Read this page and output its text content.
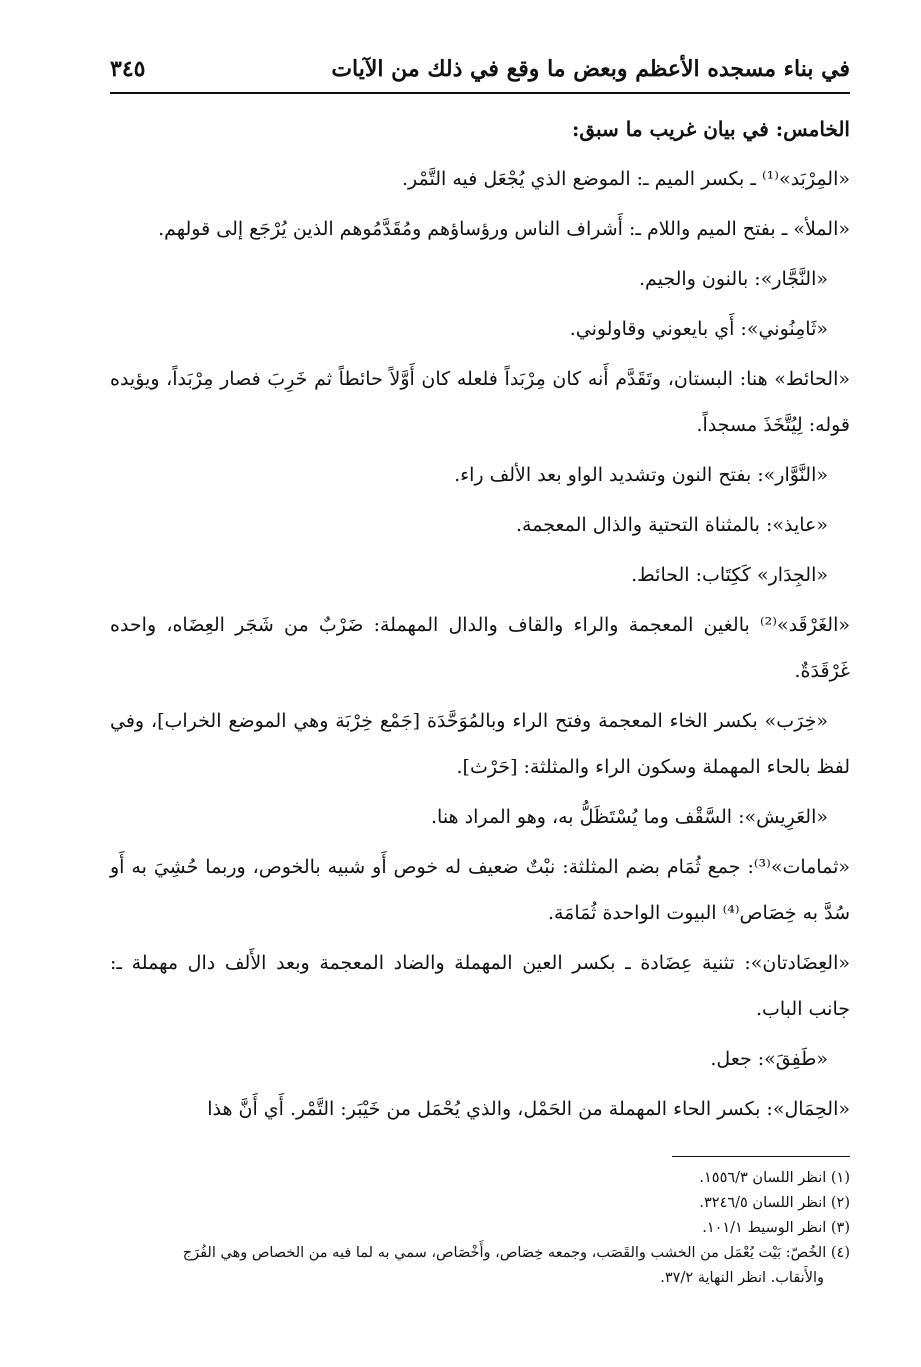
في بناء مسجده الأعظم وبعض ما وقع في ذلك من الآيات
٣٤٥

الخامس: في بيان غريب ما سبق:

«المِرْبَد»⁽¹⁾ ـ بكسر الميم ـ: الموضع الذي يُجْعَل فيه التَّمْر.

«الملأ» ـ بفتح الميم واللام ـ: أَشراف الناس ورؤساؤهم ومُقَدَّمُوهم الذين يُرْجَع إلى قولهم.

«النَّجَّار»: بالنون والجيم.

«ثَامِنُوني»: أَي بايعوني وقاولوني.

«الحائط» هنا: البستان، وتَقَدَّم أَنه كان مِرْبَداً فلعله كان أَوَّلاً حائطاً ثم خَرِبَ فصار مِرْبَداً، ويؤيده قوله: لِيُتَّخَذَ مسجداً.

«النَّوَّار»: بفتح النون وتشديد الواو بعد الألف راء.

«عايذ»: بالمثناة التحتية والذال المعجمة.

«الجِدَار» كَكِتَاب: الحائط.

«الغَرْقَد»⁽²⁾ بالغين المعجمة والراء والقاف والدال المهملة: ضَرْبٌ من شَجَر العِضَاه، واحده غَرْقَدَةٌ.

«خِرَب» بكسر الخاء المعجمة وفتح الراء وبالمُوَحَّدَة [جَمْع خِرْبَة وهي الموضع الخراب]، وفي لفظ بالحاء المهملة وسكون الراء والمثلثة: [حَرْث].

«العَرِيش»: السَّقْف وما يُسْتَظَلُّ به، وهو المراد هنا.

«ثمامات»⁽³⁾: جمع ثُمَام بضم المثلثة: نبْتٌ ضعيف له خوص أَو شبيه بالخوص، وربما حُشِيَ به أَو سُدَّ به خِصَاص⁽⁴⁾ البيوت الواحدة ثُمَامَة.

«العِضَادتان»: تثنية عِضَادة ـ بكسر العين المهملة والضاد المعجمة وبعد الأَلف دال مهملة ـ: جانب الباب.

«طَفِقَ»: جعل.

«الحِمَال»: بكسر الحاء المهملة من الحَمْل، والذي يُحْمَل من خَيْبَر: التَّمْر. أَي أَنَّ هذا

(١) انظر اللسان ١٥٥٦/٣.

(٢) انظر اللسان ٣٢٤٦/٥.

(٣) انظر الوسيط ١٠١/١.

(٤) الخُصّ: بَيْت يُعْمَل من الخشب والقَصَب، وجمعه خِصَاص، وأَخْصَاص، سمي به لما فيه من الخصاص وهي الفُرَج

والأَنقاب. انظر النهاية ٣٧/٢.
